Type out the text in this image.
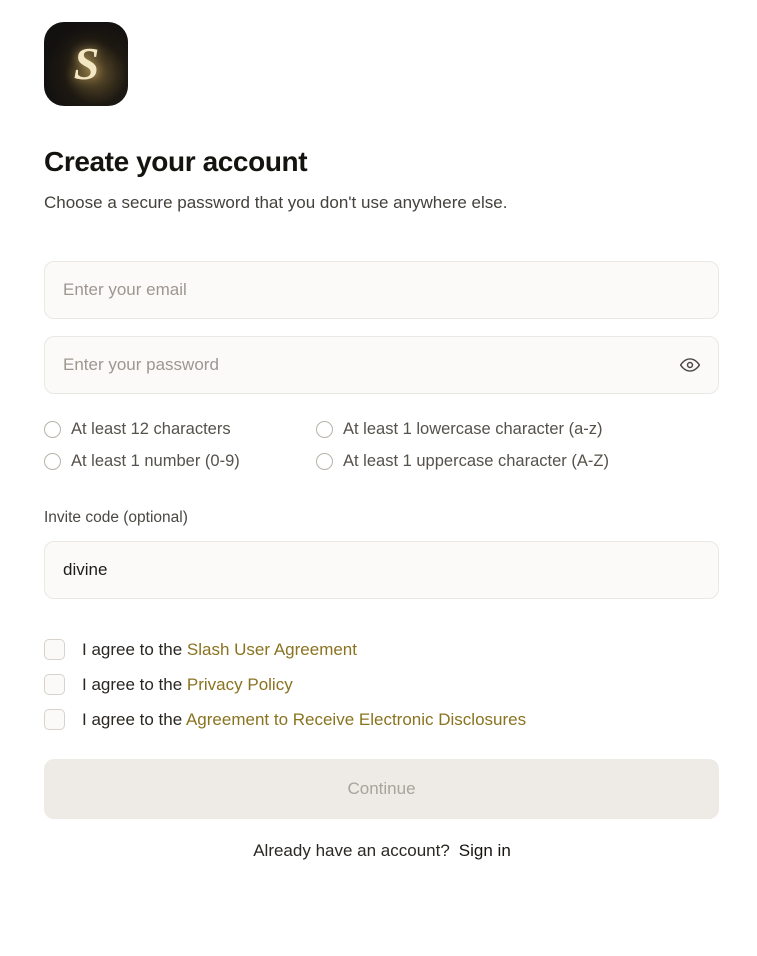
S
Create your account

Choose a secure password that you don't use anywhere else.

Enter your email
Enter your password
At least 12 characters	At least 1 lowercase character (a-z)
At least 1 number (0-9)	At least 1 uppercase character (A-Z)
Invite code (optional)
divine
I agree to the Slash User Agreement
I agree to the Privacy Policy
I agree to the Agreement to Receive Electronic Disclosures
Continue
Already have an account? Sign in
